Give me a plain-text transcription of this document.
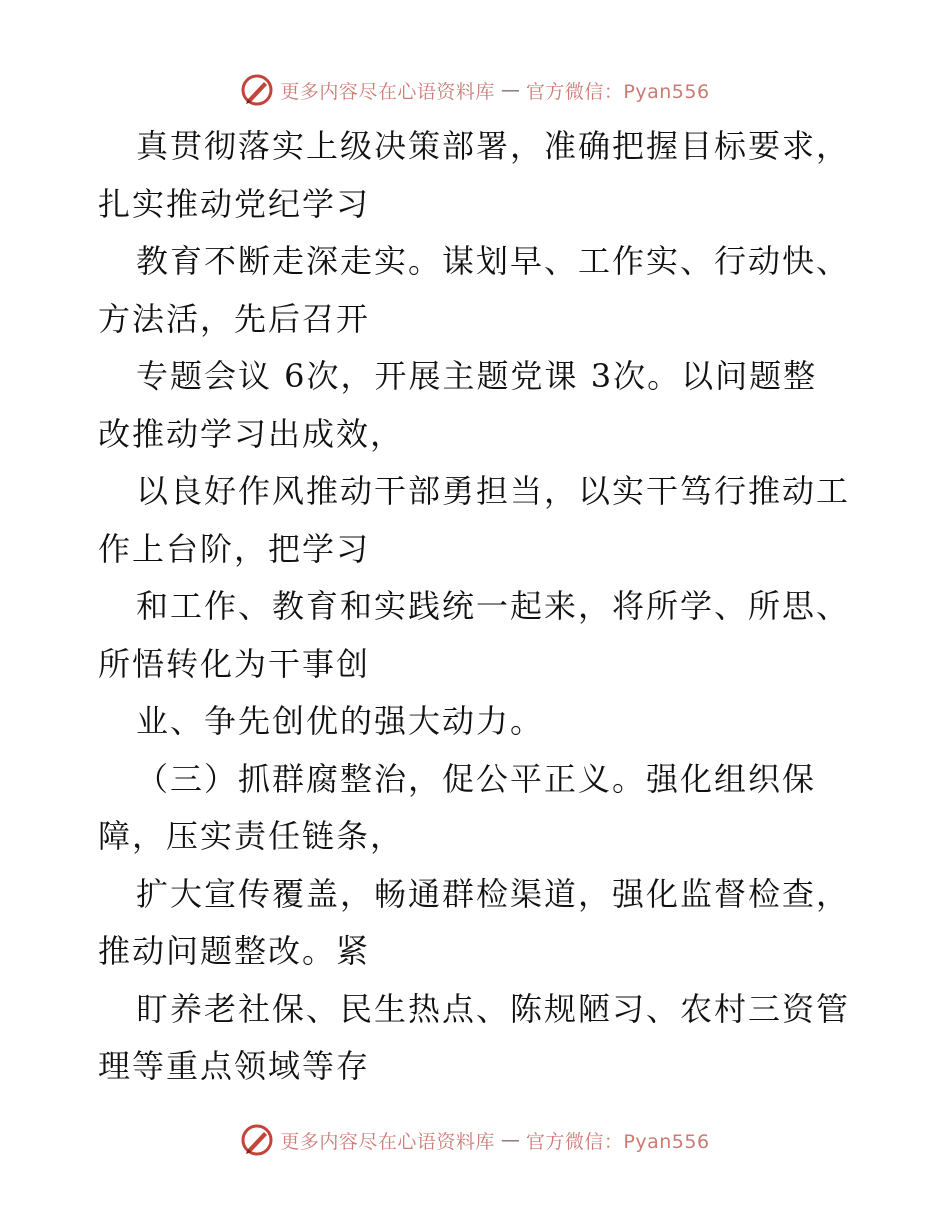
更多内容尽在心语资料库 — 官方微信：Pyan556
真贯彻落实上级决策部署，准确把握目标要求，
扎实推动党纪学习
教育不断走深走实。谋划早、工作实、行动快、
方法活，先后召开
专题会议 6次，开展主题党课 3次。以问题整
改推动学习出成效，
以良好作风推动干部勇担当，以实干笃行推动工
作上台阶，把学习
和工作、教育和实践统一起来，将所学、所思、
所悟转化为干事创
业、争先创优的强大动力。
（三）抓群腐整治，促公平正义。强化组织保
障，压实责任链条，
扩大宣传覆盖，畅通群检渠道，强化监督检查，
推动问题整改。紧
盯养老社保、民生热点、陈规陋习、农村三资管
理等重点领域等存
更多内容尽在心语资料库 — 官方微信：Pyan556
